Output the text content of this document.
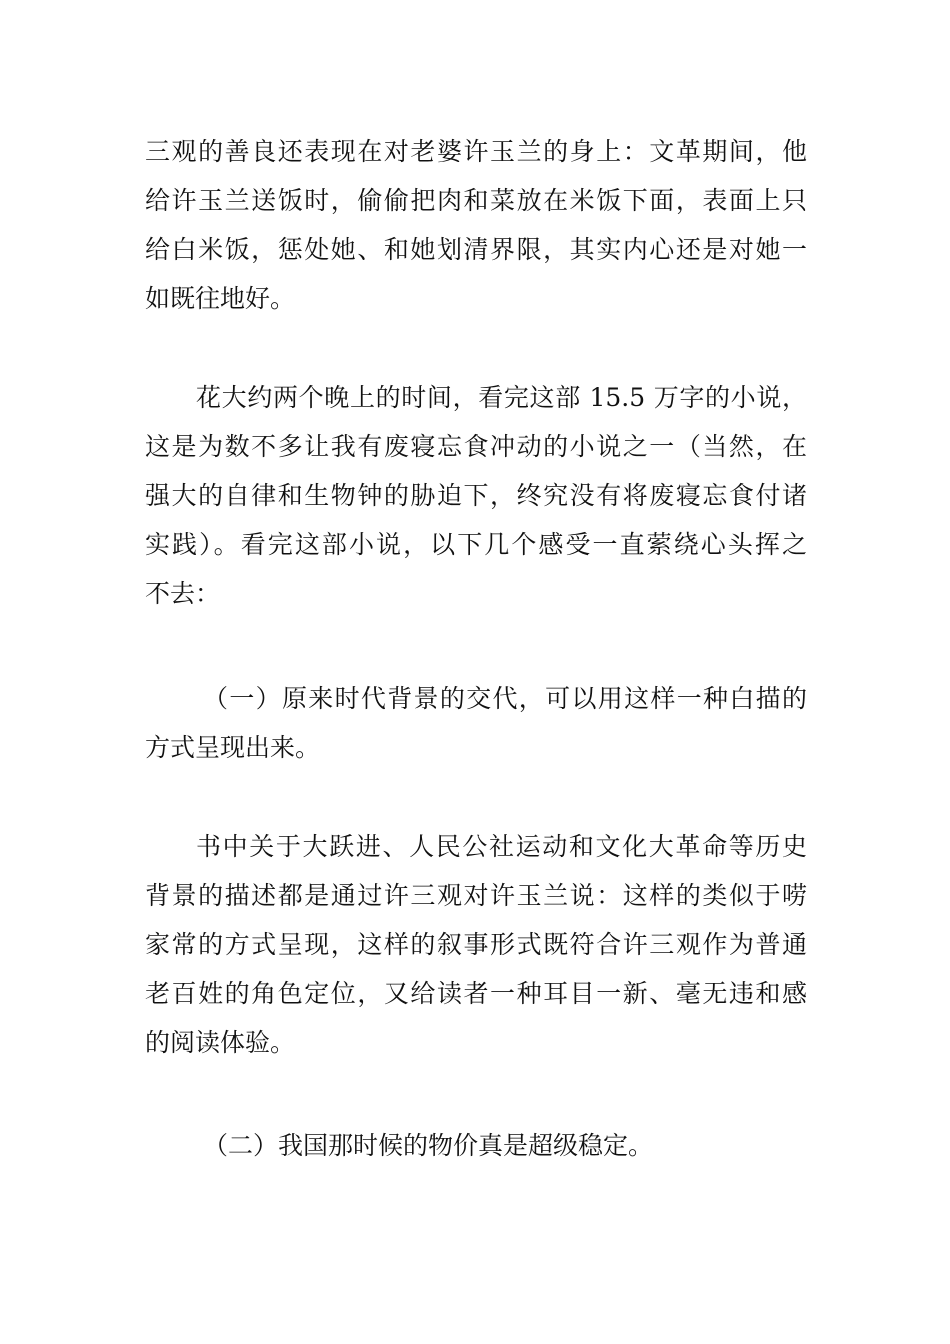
三观的善良还表现在对老婆许玉兰的身上：文革期间，他
给许玉兰送饭时，偷偷把肉和菜放在米饭下面，表面上只
给白米饭，惩处她、和她划清界限，其实内心还是对她一
如既往地好。
花大约两个晚上的时间，看完这部 15.5 万字的小说，
这是为数不多让我有废寝忘食冲动的小说之一（当然，在
强大的自律和生物钟的胁迫下，终究没有将废寝忘食付诸
实践）。看完这部小说，以下几个感受一直萦绕心头挥之
不去：
（一）原来时代背景的交代，可以用这样一种白描的
方式呈现出来。
书中关于大跃进、人民公社运动和文化大革命等历史
背景的描述都是通过许三观对许玉兰说：这样的类似于唠
家常的方式呈现，这样的叙事形式既符合许三观作为普通
老百姓的角色定位，又给读者一种耳目一新、毫无违和感
的阅读体验。
（二）我国那时候的物价真是超级稳定。
